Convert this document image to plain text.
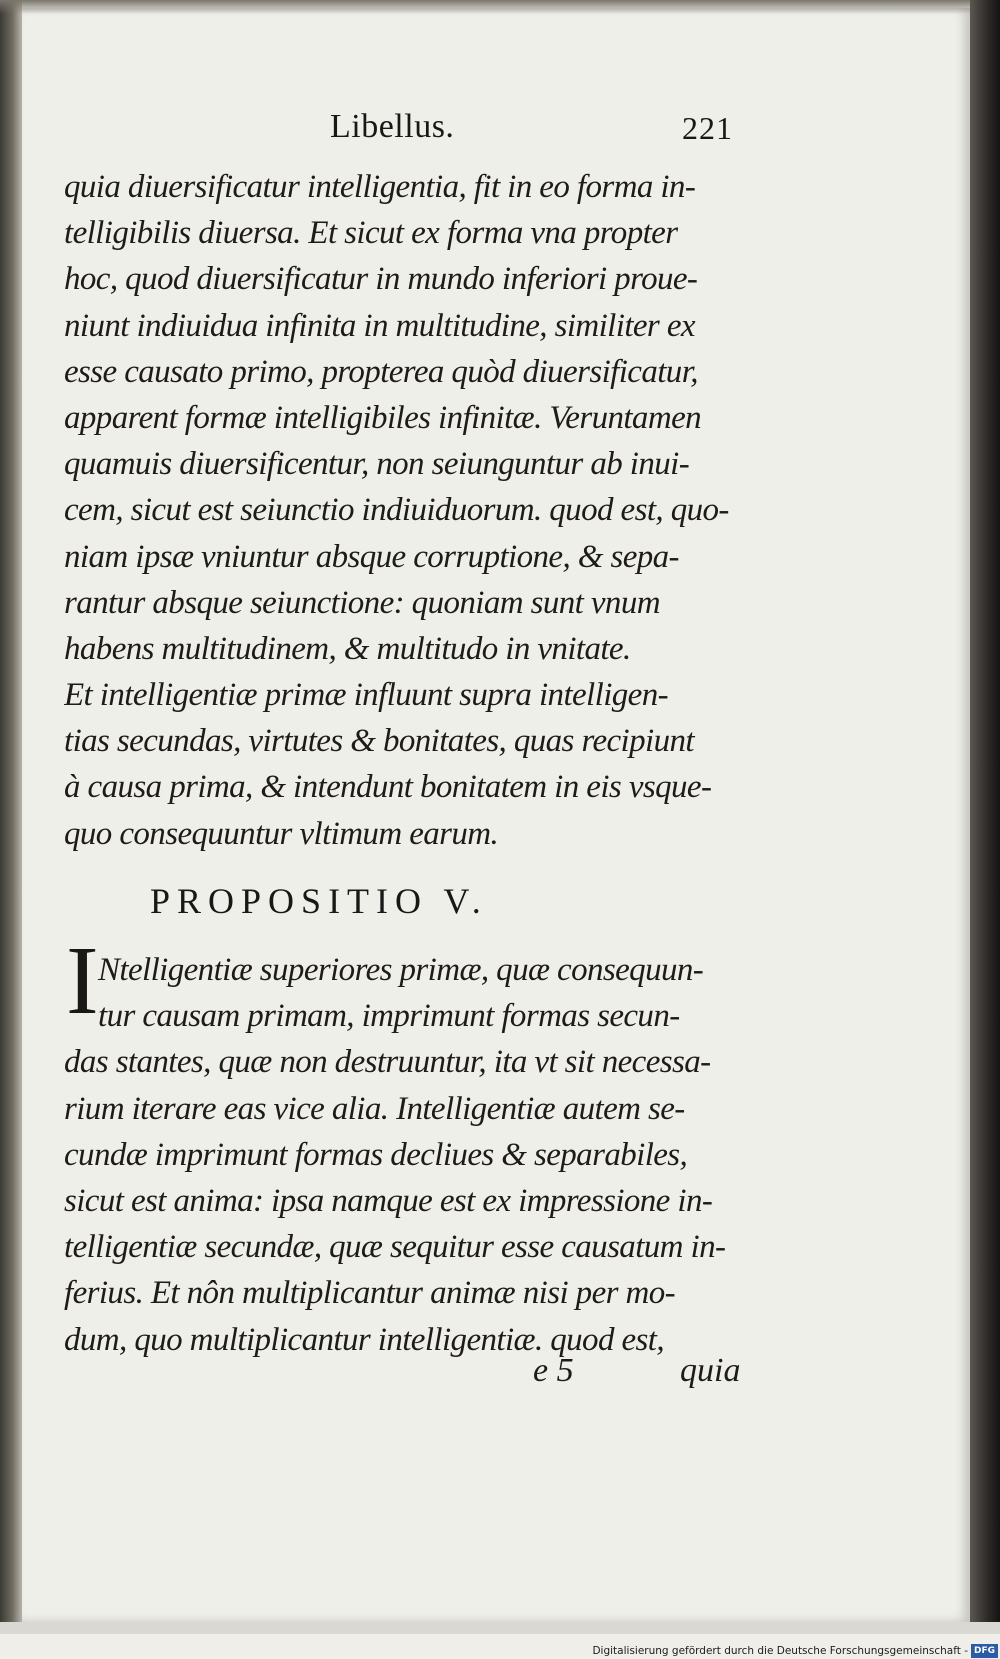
Libellus.	221
quia diuersificatur intelligentia, fit in eo forma in-
telligibilis diuersa. Et sicut ex forma vna propter
hoc, quod diuersificatur in mundo inferiori proue-
niunt indiuidua infinita in multitudine, similiter ex
esse causato primo, propterea quòd diuersificatur,
apparent formæ intelligibiles infinitæ. Veruntamen
quamuis diuersificentur, non seiunguntur ab inui-
cem, sicut est seiunctio indiuiduorum. quod est, quo-
niam ipsæ vniuntur absque corruptione, & sepa-
rantur absque seiunctione: quoniam sunt vnum
habens multitudinem, & multitudo in vnitate.
Et intelligentiæ primæ influunt supra intelligen-
tias secundas, virtutes & bonitates, quas recipiunt
à causa prima, & intendunt bonitatem in eis vsque-
quo consequuntur vltimum earum.
PROPOSITIO V.
I Ntelligentiæ superiores primæ, quæ consequun-
tur causam primam, imprimunt formas secun-
das stantes, quæ non destruuntur, ita vt sit necessa-
rium iterare eas vice alia. Intelligentiæ autem se-
cundæ imprimunt formas decliues & separabiles,
sicut est anima: ipsa namque est ex impressione in-
telligentiæ secundæ, quæ sequitur esse causatum in-
ferius. Et nôn multiplicantur animæ nisi per mo-
dum, quo multiplicantur intelligentiæ. quod est,
e 5	quia
Digitalisierung gefördert durch die Deutsche Forschungsgemeinschaft - DFG
